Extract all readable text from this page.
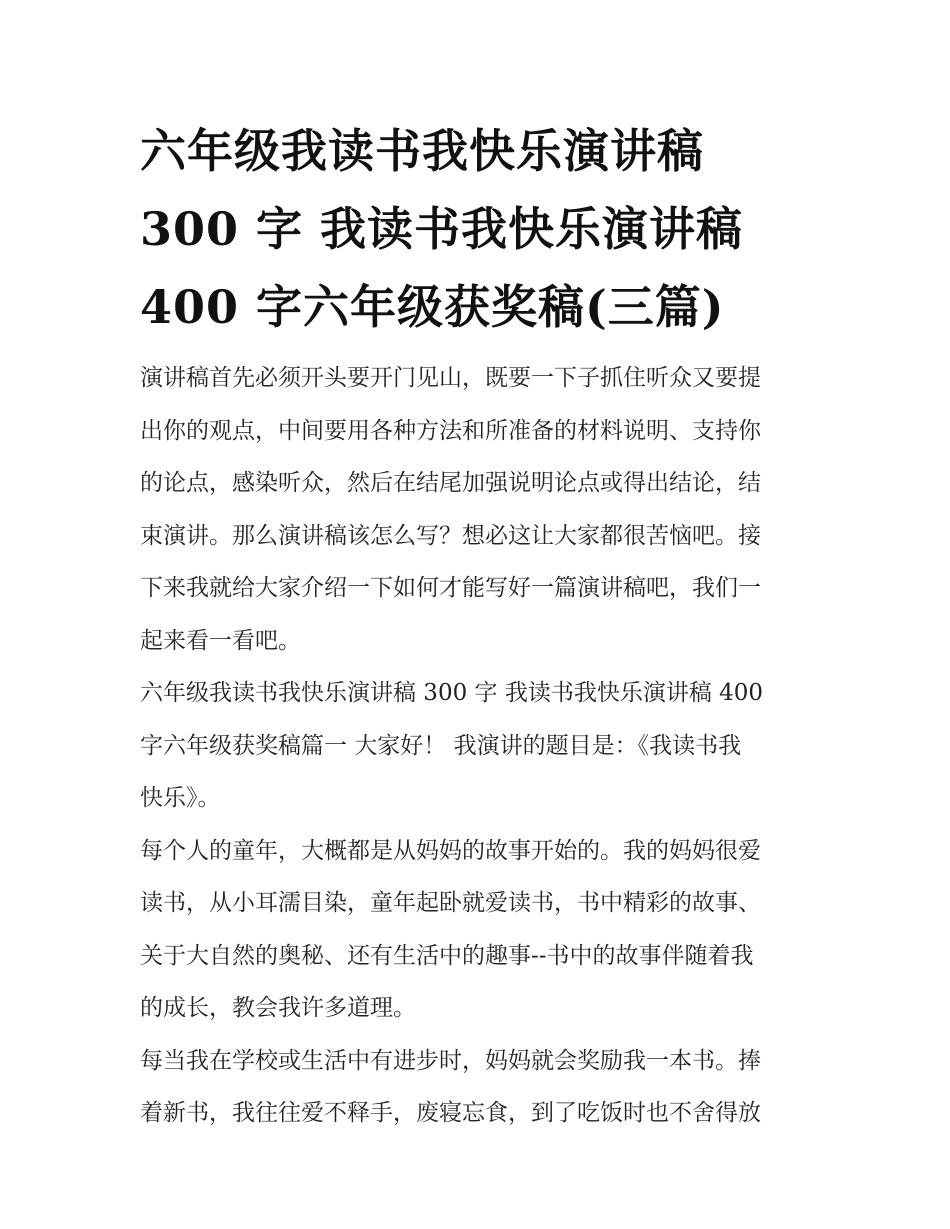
六年级我读书我快乐演讲稿
300 字 我读书我快乐演讲稿
400 字六年级获奖稿(三篇)
演讲稿首先必须开头要开门见山，既要一下子抓住听众又要提
出你的观点，中间要用各种方法和所准备的材料说明、支持你
的论点，感染听众，然后在结尾加强说明论点或得出结论，结
束演讲。那么演讲稿该怎么写？想必这让大家都很苦恼吧。接
下来我就给大家介绍一下如何才能写好一篇演讲稿吧，我们一
起来看一看吧。
六年级我读书我快乐演讲稿 300 字 我读书我快乐演讲稿 400
字六年级获奖稿篇一 大家好！ 我演讲的题目是：《我读书我
快乐》。
每个人的童年，大概都是从妈妈的故事开始的。我的妈妈很爱
读书，从小耳濡目染，童年起卧就爱读书，书中精彩的故事、
关于大自然的奥秘、还有生活中的趣事--书中的故事伴随着我
的成长，教会我许多道理。
每当我在学校或生活中有进步时，妈妈就会奖励我一本书。捧
着新书，我往往爱不释手，废寝忘食，到了吃饭时也不舍得放
